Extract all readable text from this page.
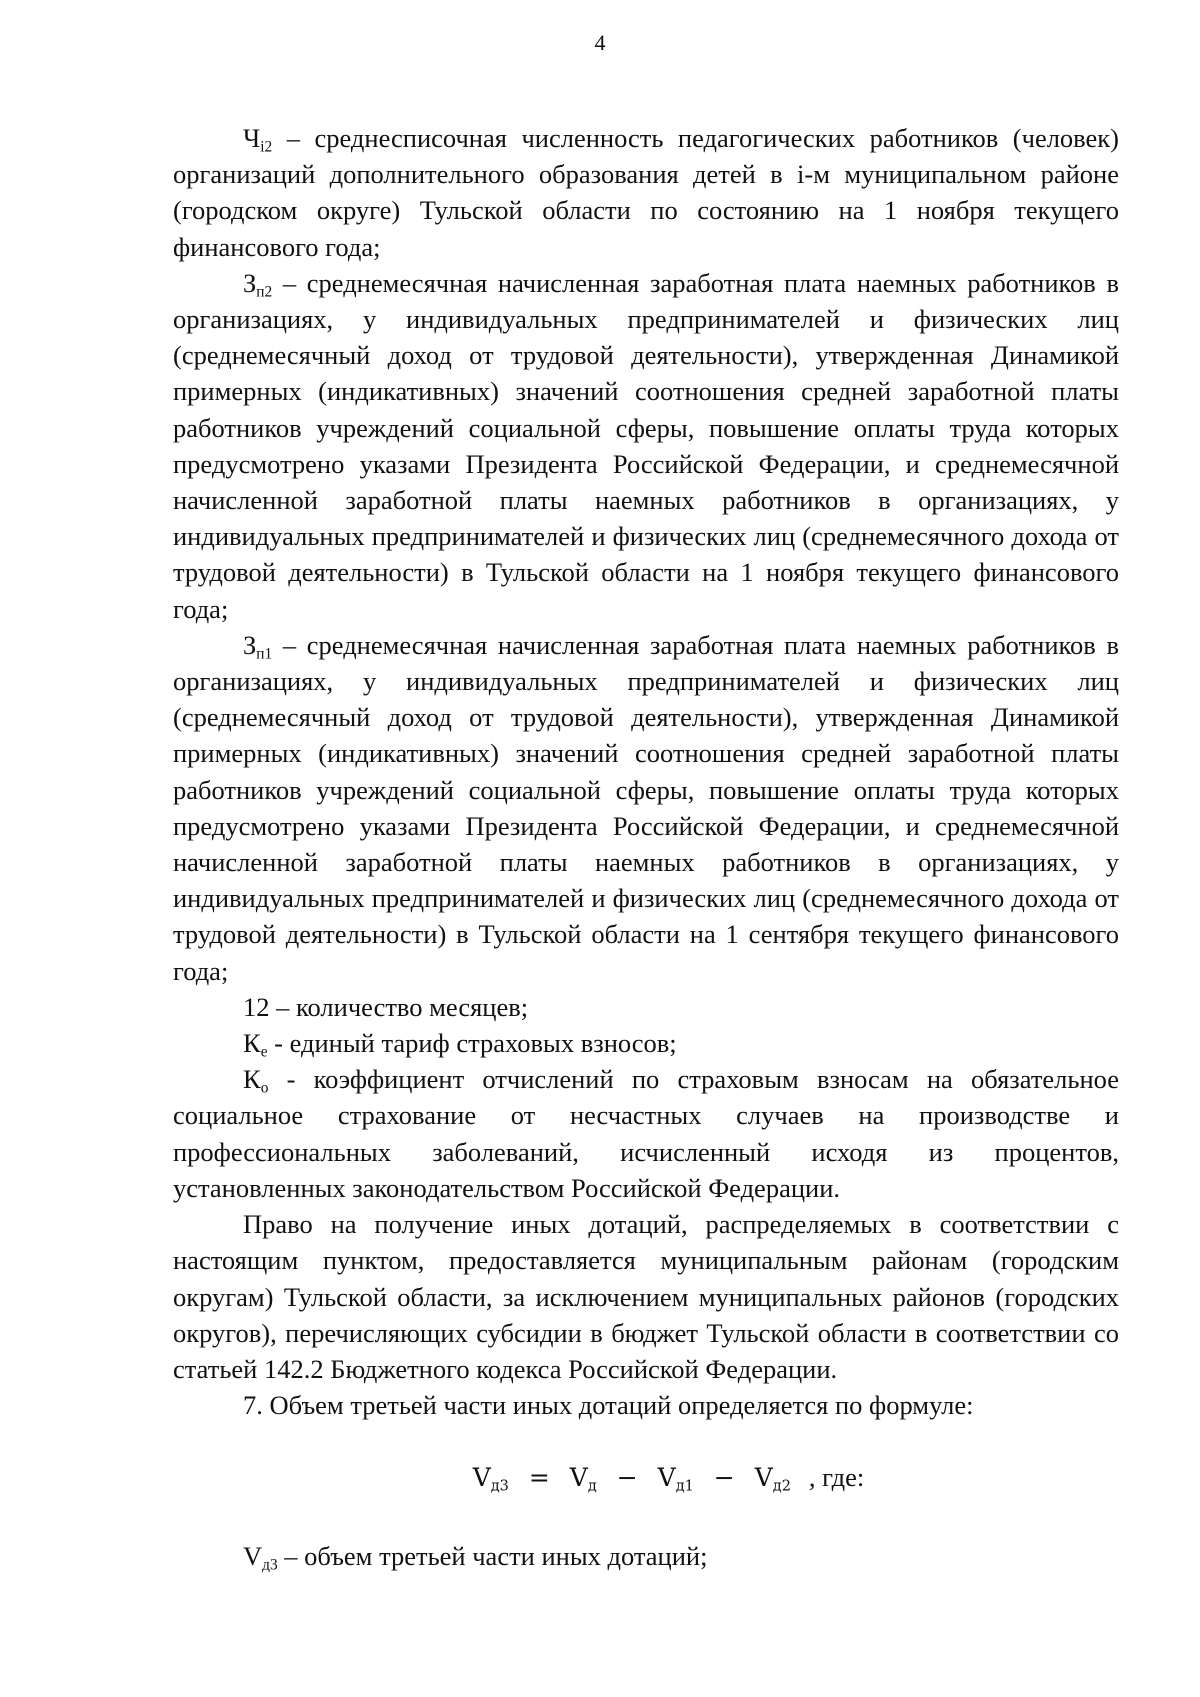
4

$Ч_{i2}$ – среднесписочная численность педагогических работников (человек) организаций дополнительного образования детей в i-м муниципальном районе (городском округе) Тульской области по состоянию на 1 ноября текущего финансового года;

$З_{п2}$ – среднемесячная начисленная заработная плата наемных работников в организациях, у индивидуальных предпринимателей и физических лиц (среднемесячный доход от трудовой деятельности), утвержденная Динамикой примерных (индикативных) значений соотношения средней заработной платы работников учреждений социальной сферы, повышение оплаты труда которых предусмотрено указами Президента Российской Федерации, и среднемесячной начисленной заработной платы наемных работников в организациях, у индивидуальных предпринимателей и физических лиц (среднемесячного дохода от трудовой деятельности) в Тульской области на 1 ноября текущего финансового года;

$З_{п1}$ – среднемесячная начисленная заработная плата наемных работников в организациях, у индивидуальных предпринимателей и физических лиц (среднемесячный доход от трудовой деятельности), утвержденная Динамикой примерных (индикативных) значений соотношения средней заработной платы работников учреждений социальной сферы, повышение оплаты труда которых предусмотрено указами Президента Российской Федерации, и среднемесячной начисленной заработной платы наемных работников в организациях, у индивидуальных предпринимателей и физических лиц (среднемесячного дохода от трудовой деятельности) в Тульской области на 1 сентября текущего финансового года;

12 – количество месяцев;

$К_е$ - единый тариф страховых взносов;

$К_о$ - коэффициент отчислений по страховым взносам на обязательное социальное страхование от несчастных случаев на производстве и профессиональных заболеваний, исчисленный исходя из процентов, установленных законодательством Российской Федерации.

Право на получение иных дотаций, распределяемых в соответствии с настоящим пунктом, предоставляется муниципальным районам (городским округам) Тульской области, за исключением муниципальных районов (городских округов), перечисляющих субсидии в бюджет Тульской области в соответствии со статьей 142.2 Бюджетного кодекса Российской Федерации.

7. Объем третьей части иных дотаций определяется по формуле:

$V_{д3} = V_д - V_{д1} - V_{д2}$ , где:

$V_{д3}$ – объем третьей части иных дотаций;
